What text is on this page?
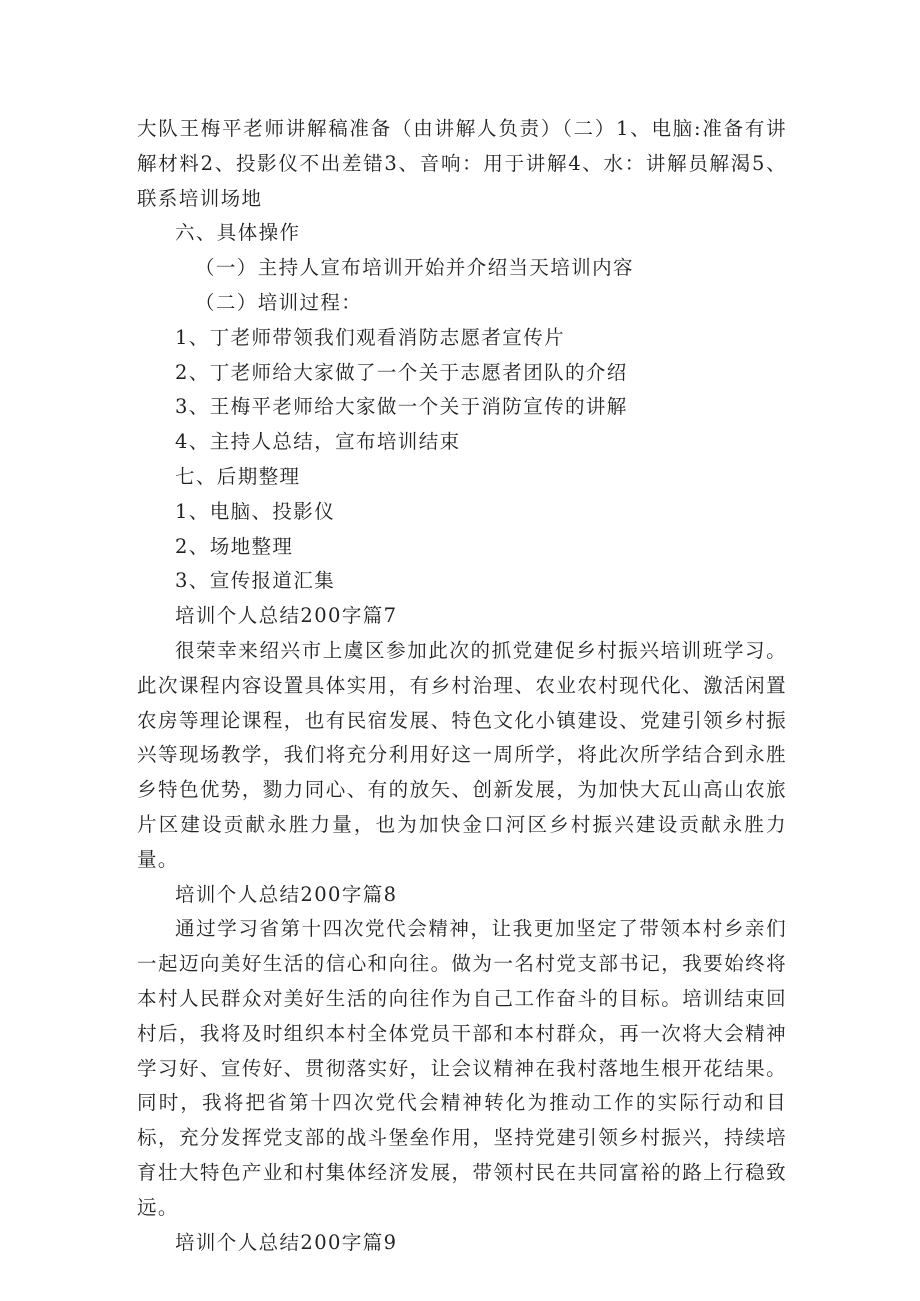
大队王梅平老师讲解稿准备（由讲解人负责）（二）1、电脑:准备有讲解材料2、投影仪不出差错3、音响：用于讲解4、水：讲解员解渴5、联系培训场地

六、具体操作

（一）主持人宣布培训开始并介绍当天培训内容

（二）培训过程：

1、丁老师带领我们观看消防志愿者宣传片

2、丁老师给大家做了一个关于志愿者团队的介绍

3、王梅平老师给大家做一个关于消防宣传的讲解

4、主持人总结，宣布培训结束

七、后期整理

1、电脑、投影仪

2、场地整理

3、宣传报道汇集

培训个人总结200字篇7

很荣幸来绍兴市上虞区参加此次的抓党建促乡村振兴培训班学习。此次课程内容设置具体实用，有乡村治理、农业农村现代化、激活闲置农房等理论课程，也有民宿发展、特色文化小镇建设、党建引领乡村振兴等现场教学，我们将充分利用好这一周所学，将此次所学结合到永胜乡特色优势，勠力同心、有的放矢、创新发展，为加快大瓦山高山农旅片区建设贡献永胜力量，也为加快金口河区乡村振兴建设贡献永胜力量。

培训个人总结200字篇8

通过学习省第十四次党代会精神，让我更加坚定了带领本村乡亲们一起迈向美好生活的信心和向往。做为一名村党支部书记，我要始终将本村人民群众对美好生活的向往作为自己工作奋斗的目标。培训结束回村后，我将及时组织本村全体党员干部和本村群众，再一次将大会精神学习好、宣传好、贯彻落实好，让会议精神在我村落地生根开花结果。同时，我将把省第十四次党代会精神转化为推动工作的实际行动和目标，充分发挥党支部的战斗堡垒作用，坚持党建引领乡村振兴，持续培育壮大特色产业和村集体经济发展，带领村民在共同富裕的路上行稳致远。

培训个人总结200字篇9
